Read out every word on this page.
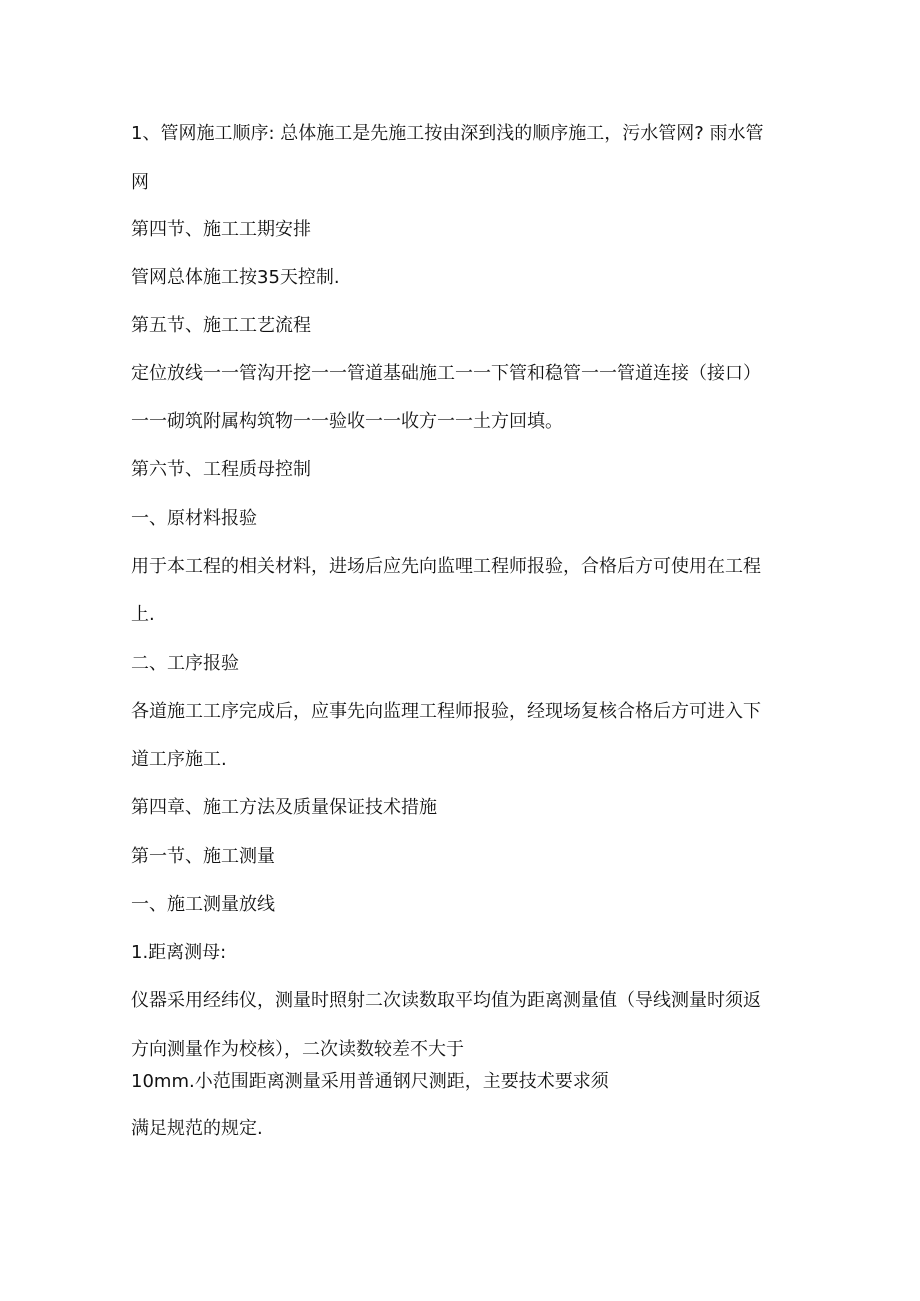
1、管网施工顺序: 总体施工是先施工按由深到浅的顺序施工，污水管网? 雨水管
网
第四节、施工工期安排
管网总体施工按35天控制.
第五节、施工工艺流程
定位放线一一管沟开挖一一管道基础施工一一下管和稳管一一管道连接（接口）
一一砌筑附属构筑物一一验收一一收方一一土方回填。
第六节、工程质母控制
一、原材料报验
用于本工程的相关材料，进场后应先向监哩工程师报验，合格后方可使用在工程
上.
二、工序报验
各道施工工序完成后，应事先向监理工程师报验，经现场复核合格后方可进入下
道工序施工.
第四章、施工方法及质量保证技术措施
第一节、施工测量
一、施工测量放线
1.距离测母:
仪器采用经纬仪，测量时照射二次读数取平均值为距离测量值（导线测量时须返
方向测量作为校核），二次读数较差不大于
10mm.小范围距离测量采用普通钢尺测距，主要技术要求须
满足规范的规定.
